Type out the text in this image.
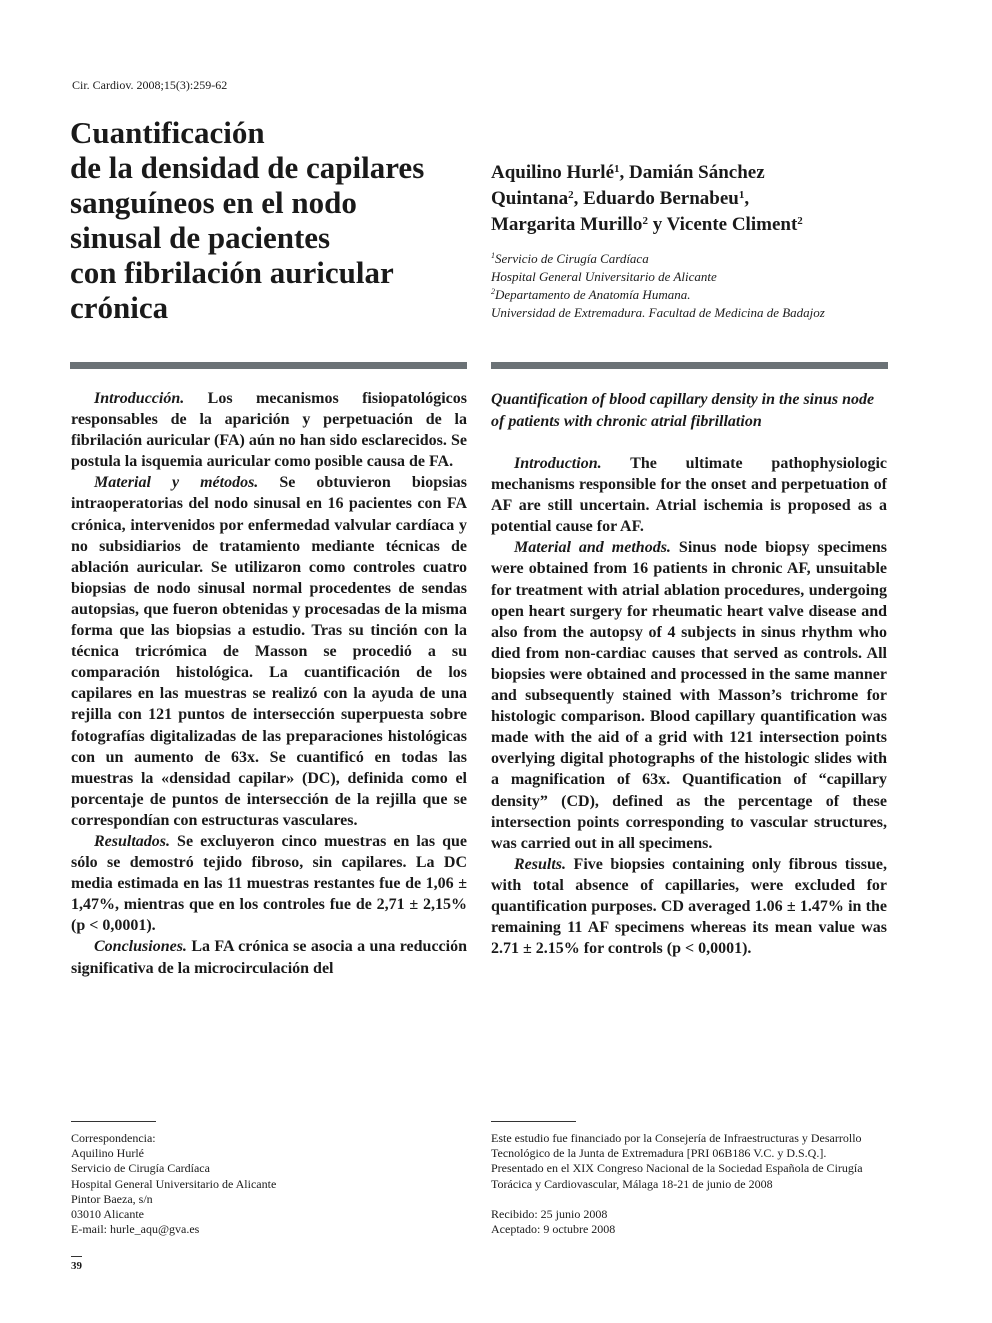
Cir. Cardiov. 2008;15(3):259-62
Cuantificación
de la densidad de capilares
sanguíneos en el nodo
sinusal de pacientes
con fibrilación auricular
crónica
Aquilino Hurlé$^1$, Damián Sánchez
Quintana$^2$, Eduardo Bernabeu$^1$,
Margarita Murillo$^2$ y Vicente Climent$^2$
$^1$Servicio de Cirugía Cardíaca
Hospital General Universitario de Alicante
$^2$Departamento de Anatomía Humana.
Universidad de Extremadura. Facultad de Medicina de Badajoz

Introducción. Los mecanismos fisiopatológicos responsables de la aparición y perpetuación de la fibrilación auricular (FA) aún no han sido esclarecidos. Se postula la isquemia auricular como posible causa de FA.

Material y métodos. Se obtuvieron biopsias intraoperatorias del nodo sinusal en 16 pacientes con FA crónica, intervenidos por enfermedad valvular cardíaca y no subsidiarios de tratamiento mediante técnicas de ablación auricular. Se utilizaron como controles cuatro biopsias de nodo sinusal normal procedentes de sendas autopsias, que fueron obtenidas y procesadas de la misma forma que las biopsias a estudio. Tras su tinción con la técnica tricrómica de Masson se procedió a su comparación histológica. La cuantificación de los capilares en las muestras se realizó con la ayuda de una rejilla con 121 puntos de intersección superpuesta sobre fotografías digitalizadas de las preparaciones histológicas con un aumento de 63x. Se cuantificó en todas las muestras la «densidad capilar» (DC), definida como el porcentaje de puntos de intersección de la rejilla que se correspondían con estructuras vasculares.

Resultados. Se excluyeron cinco muestras en las que sólo se demostró tejido fibroso, sin capilares. La DC media estimada en las 11 muestras restantes fue de 1,06 ± 1,47%, mientras que en los controles fue de 2,71 ± 2,15% (p < 0,0001).

Conclusiones. La FA crónica se asocia a una reducción significativa de la microcirculación del

Quantification of blood capillary density in the sinus node of patients with chronic atrial fibrillation

Introduction. The ultimate pathophysiologic mechanisms responsible for the onset and perpetuation of AF are still uncertain. Atrial ischemia is proposed as a potential cause for AF.

Material and methods. Sinus node biopsy specimens were obtained from 16 patients in chronic AF, unsuitable for treatment with atrial ablation procedures, undergoing open heart surgery for rheumatic heart valve disease and also from the autopsy of 4 subjects in sinus rhythm who died from non-cardiac causes that served as controls. All biopsies were obtained and processed in the same manner and subsequently stained with Masson’s trichrome for histologic comparison. Blood capillary quantification was made with the aid of a grid with 121 intersection points overlying digital photographs of the histologic slides with a magnification of 63x. Quantification of “capillary density” (CD), defined as the percentage of these intersection points corresponding to vascular structures, was carried out in all specimens.

Results. Five biopsies containing only fibrous tissue, with total absence of capillaries, were excluded for quantification purposes. CD averaged 1.06 ± 1.47% in the remaining 11 AF specimens whereas its mean value was 2.71 ± 2.15% for controls (p < 0,0001).

Correspondencia:
Aquilino Hurlé
Servicio de Cirugía Cardíaca
Hospital General Universitario de Alicante
Pintor Baeza, s/n
03010 Alicante
E-mail: hurle_aqu@gva.es
Este estudio fue financiado por la Consejería de Infraestructuras y Desarrollo
Tecnológico de la Junta de Extremadura [PRI 06B186 V.C. y D.S.Q.].
Presentado en el XIX Congreso Nacional de la Sociedad Española de Cirugía
Torácica y Cardiovascular, Málaga 18-21 de junio de 2008
Recibido: 25 junio 2008
Aceptado: 9 octubre 2008
39
